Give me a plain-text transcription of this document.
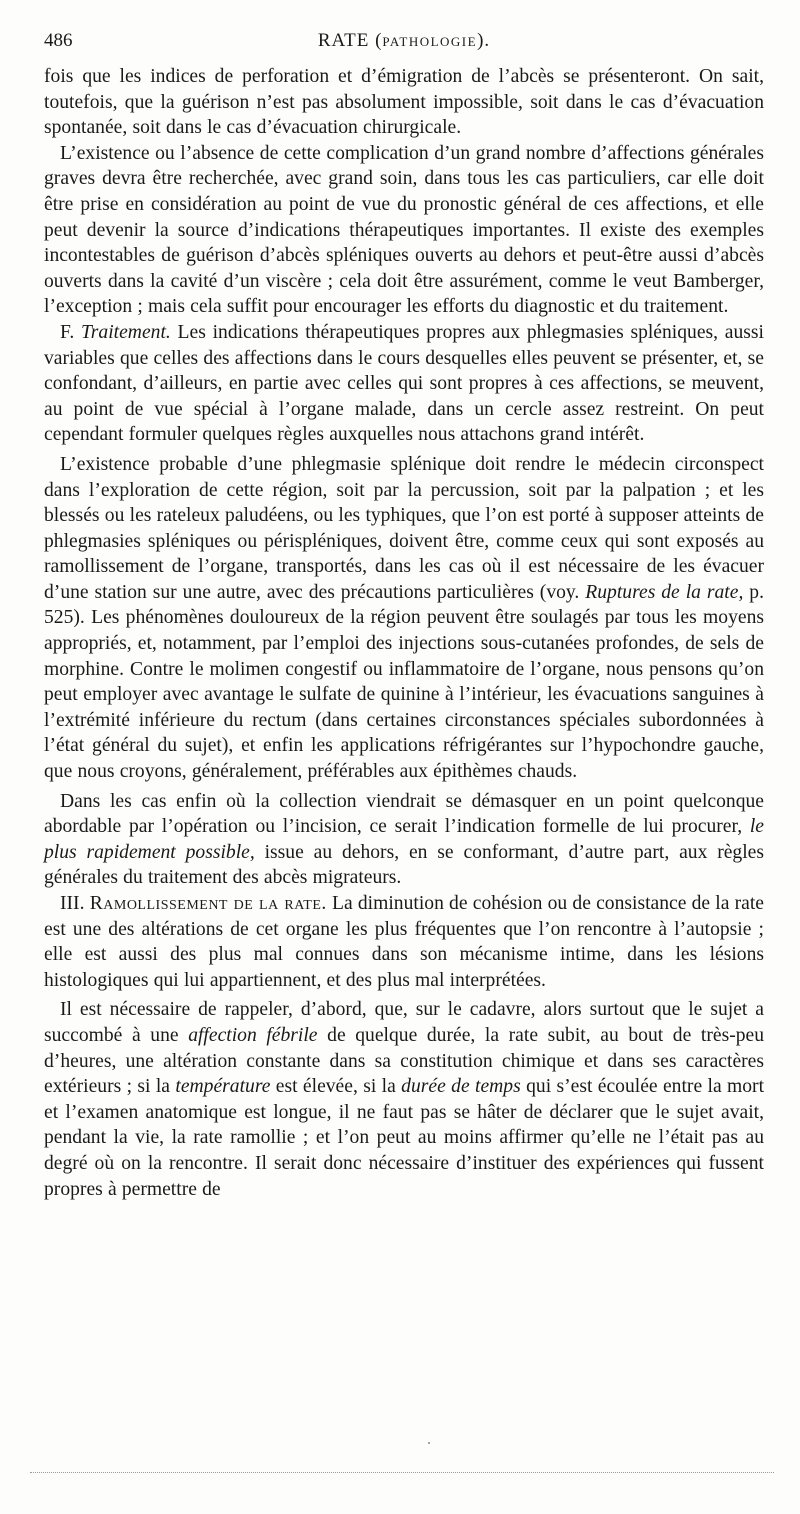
486	RATE (PATHOLOGIE).

fois que les indices de perforation et d’émigration de l’abcès se présenteront. On sait, toutefois, que la guérison n’est pas absolument impossible, soit dans le cas d’évacuation spontanée, soit dans le cas d’évacuation chirurgicale.

L’existence ou l’absence de cette complication d’un grand nombre d’affections générales graves devra être recherchée, avec grand soin, dans tous les cas particuliers, car elle doit être prise en considération au point de vue du pronostic général de ces affections, et elle peut devenir la source d’indications thérapeutiques importantes. Il existe des exemples incontestables de guérison d’abcès spléniques ouverts au dehors et peut-être aussi d’abcès ouverts dans la cavité d’un viscère ; cela doit être assurément, comme le veut Bamberger, l’exception ; mais cela suffit pour encourager les efforts du diagnostic et du traitement.

F. Traitement. Les indications thérapeutiques propres aux phlegmasies spléniques, aussi variables que celles des affections dans le cours desquelles elles peuvent se présenter, et, se confondant, d’ailleurs, en partie avec celles qui sont propres à ces affections, se meuvent, au point de vue spécial à l’organe malade, dans un cercle assez restreint. On peut cependant formuler quelques règles auxquelles nous attachons grand intérêt.

L’existence probable d’une phlegmasie splénique doit rendre le médecin circonspect dans l’exploration de cette région, soit par la percussion, soit par la palpation ; et les blessés ou les rateleux paludéens, ou les typhiques, que l’on est porté à supposer atteints de phlegmasies spléniques ou périspléniques, doivent être, comme ceux qui sont exposés au ramollissement de l’organe, transportés, dans les cas où il est nécessaire de les évacuer d’une station sur une autre, avec des précautions particulières (voy. Ruptures de la rate, p. 525). Les phénomènes douloureux de la région peuvent être soulagés par tous les moyens appropriés, et, notamment, par l’emploi des injections sous-cutanées profondes, de sels de morphine. Contre le molimen congestif ou inflammatoire de l’organe, nous pensons qu’on peut employer avec avantage le sulfate de quinine à l’intérieur, les évacuations sanguines à l’extrémité inférieure du rectum (dans certaines circonstances spéciales subordonnées à l’état général du sujet), et enfin les applications réfrigérantes sur l’hypochondre gauche, que nous croyons, généralement, préférables aux épithèmes chauds.

Dans les cas enfin où la collection viendrait se démasquer en un point quelconque abordable par l’opération ou l’incision, ce serait l’indication formelle de lui procurer, le plus rapidement possible, issue au dehors, en se conformant, d’autre part, aux règles générales du traitement des abcès migrateurs.

III. Ramollissement de la rate. La diminution de cohésion ou de consistance de la rate est une des altérations de cet organe les plus fréquentes que l’on rencontre à l’autopsie ; elle est aussi des plus mal connues dans son mécanisme intime, dans les lésions histologiques qui lui appartiennent, et des plus mal interprétées.

Il est nécessaire de rappeler, d’abord, que, sur le cadavre, alors surtout que le sujet a succombé à une affection fébrile de quelque durée, la rate subit, au bout de très-peu d’heures, une altération constante dans sa constitution chimique et dans ses caractères extérieurs ; si la température est élevée, si la durée de temps qui s’est écoulée entre la mort et l’examen anatomique est longue, il ne faut pas se hâter de déclarer que le sujet avait, pendant la vie, la rate ramollie ; et l’on peut au moins affirmer qu’elle ne l’était pas au degré où on la rencontre. Il serait donc nécessaire d’instituer des expériences qui fussent propres à permettre de
